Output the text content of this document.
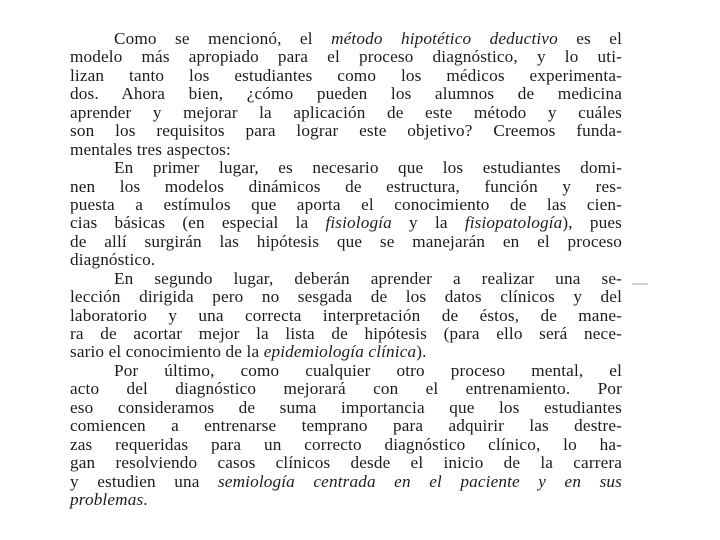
Como se mencionó, el método hipotético deductivo es el
modelo más apropiado para el proceso diagnóstico, y lo uti-
lizan tanto los estudiantes como los médicos experimenta-
dos. Ahora bien, ¿cómo pueden los alumnos de medicina
aprender y mejorar la aplicación de este método y cuáles
son los requisitos para lograr este objetivo? Creemos funda-
mentales tres aspectos:
En primer lugar, es necesario que los estudiantes domi-
nen los modelos dinámicos de estructura, función y res-
puesta a estímulos que aporta el conocimiento de las cien-
cias básicas (en especial la fisiología y la fisiopatología), pues
de allí surgirán las hipótesis que se manejarán en el proceso
diagnóstico.
En segundo lugar, deberán aprender a realizar una se-
lección dirigida pero no sesgada de los datos clínicos y del
laboratorio y una correcta interpretación de éstos, de mane-
ra de acortar mejor la lista de hipótesis (para ello será nece-
sario el conocimiento de la epidemiología clínica).
Por último, como cualquier otro proceso mental, el
acto del diagnóstico mejorará con el entrenamiento. Por
eso consideramos de suma importancia que los estudiantes
comiencen a entrenarse temprano para adquirir las destre-
zas requeridas para un correcto diagnóstico clínico, lo ha-
gan resolviendo casos clínicos desde el inicio de la carrera
y estudien una semiología centrada en el paciente y en sus
problemas.
